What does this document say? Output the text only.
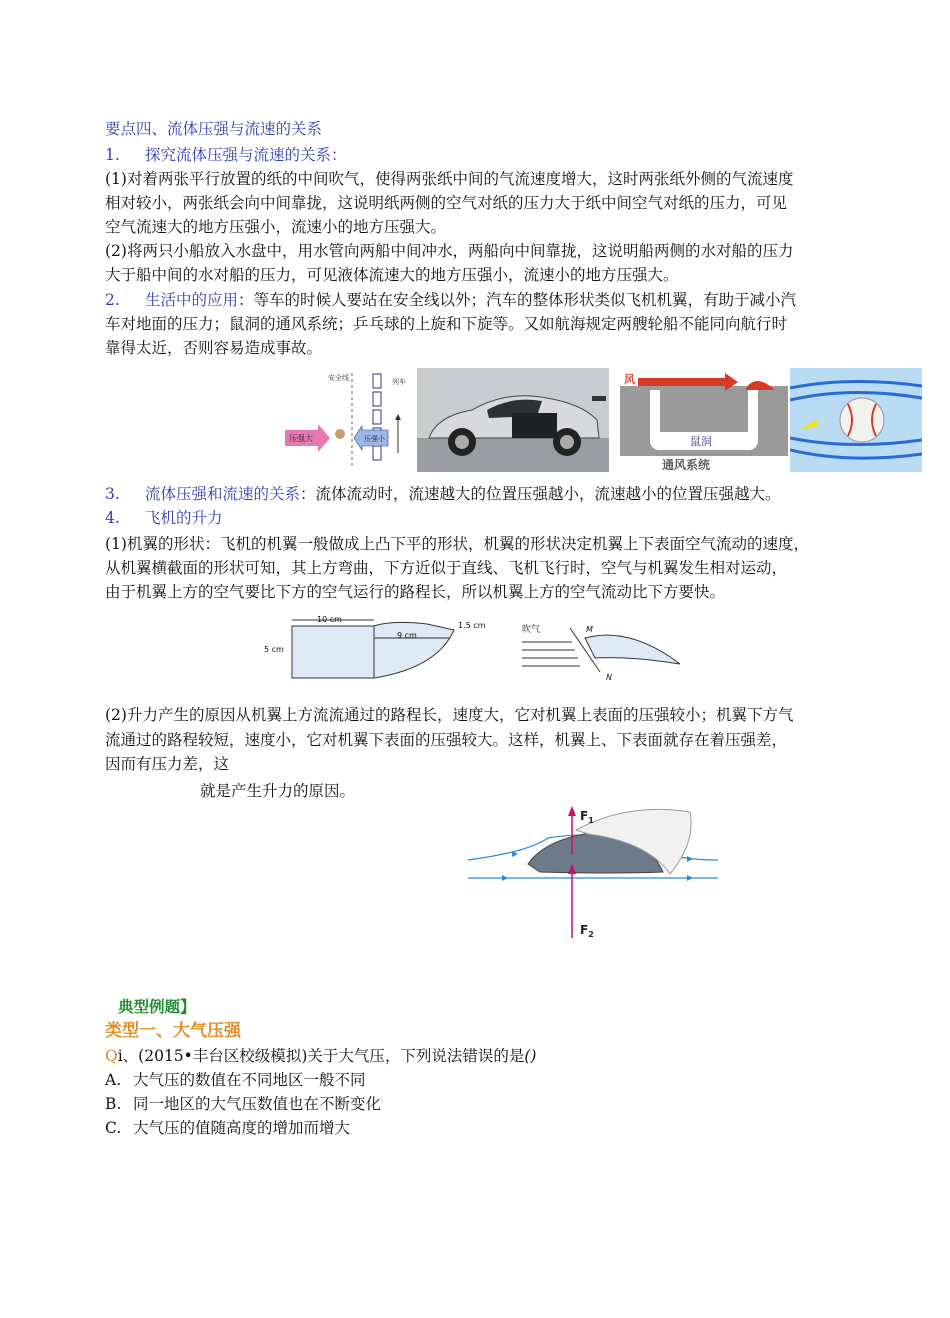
要点四、流体压强与流速的关系
1. 探究流体压强与流速的关系：
(1)对着两张平行放置的纸的中间吹气，使得两张纸中间的气流速度增大，这时两张纸外侧的气流速度
相对较小，两张纸会向中间靠拢，这说明纸两侧的空气对纸的压力大于纸中间空气对纸的压力，可见
空气流速大的地方压强小，流速小的地方压强大。
(2)将两只小船放入水盘中，用水管向两船中间冲水，两船向中间靠拢，这说明船两侧的水对船的压力
大于船中间的水对船的压力，可见液体流速大的地方压强小，流速小的地方压强大。
2. 生活中的应用：等车的时候人要站在安全线以外；汽车的整体形状类似飞机机翼，有助于减小汽
车对地面的压力；鼠洞的通风系统；乒乓球的上旋和下旋等。又如航海规定两艘轮船不能同向航行时
靠得太近，否则容易造成事故。
安全线	列车
压强大	压强小
风
鼠洞
通风系统
3. 流体压强和流速的关系：流体流动时，流速越大的位置压强越小，流速越小的位置压强越大。
4. 飞机的升力
(1)机翼的形状：飞机的机翼一般做成上凸下平的形状，机翼的形状决定机翼上下表面空气流动的速度，
从机翼横截面的形状可知，其上方弯曲，下方近似于直线、飞机飞行时，空气与机翼发生相对运动，
由于机翼上方的空气要比下方的空气运行的路程长，所以机翼上方的空气流动比下方要快。
10 cm
9 cm
5 cm
1.5 cm	吹气	M
N
(2)升力产生的原因从机翼上方流流通过的路程长，速度大，它对机翼上表面的压强较小；机翼下方气
流通过的路程较短，速度小，它对机翼下表面的压强较大。这样，机翼上、下表面就存在着压强差，
因而有压力差，这
就是产生升力的原因。
$F_1$
$F_2$
典型例题】
类型一、大气压强
Qi、(2015•丰台区校级模拟)关于大气压，下列说法错误的是()
A. 大气压的数值在不同地区一般不同
B. 同一地区的大气压数值也在不断变化
C. 大气压的值随高度的增加而增大
